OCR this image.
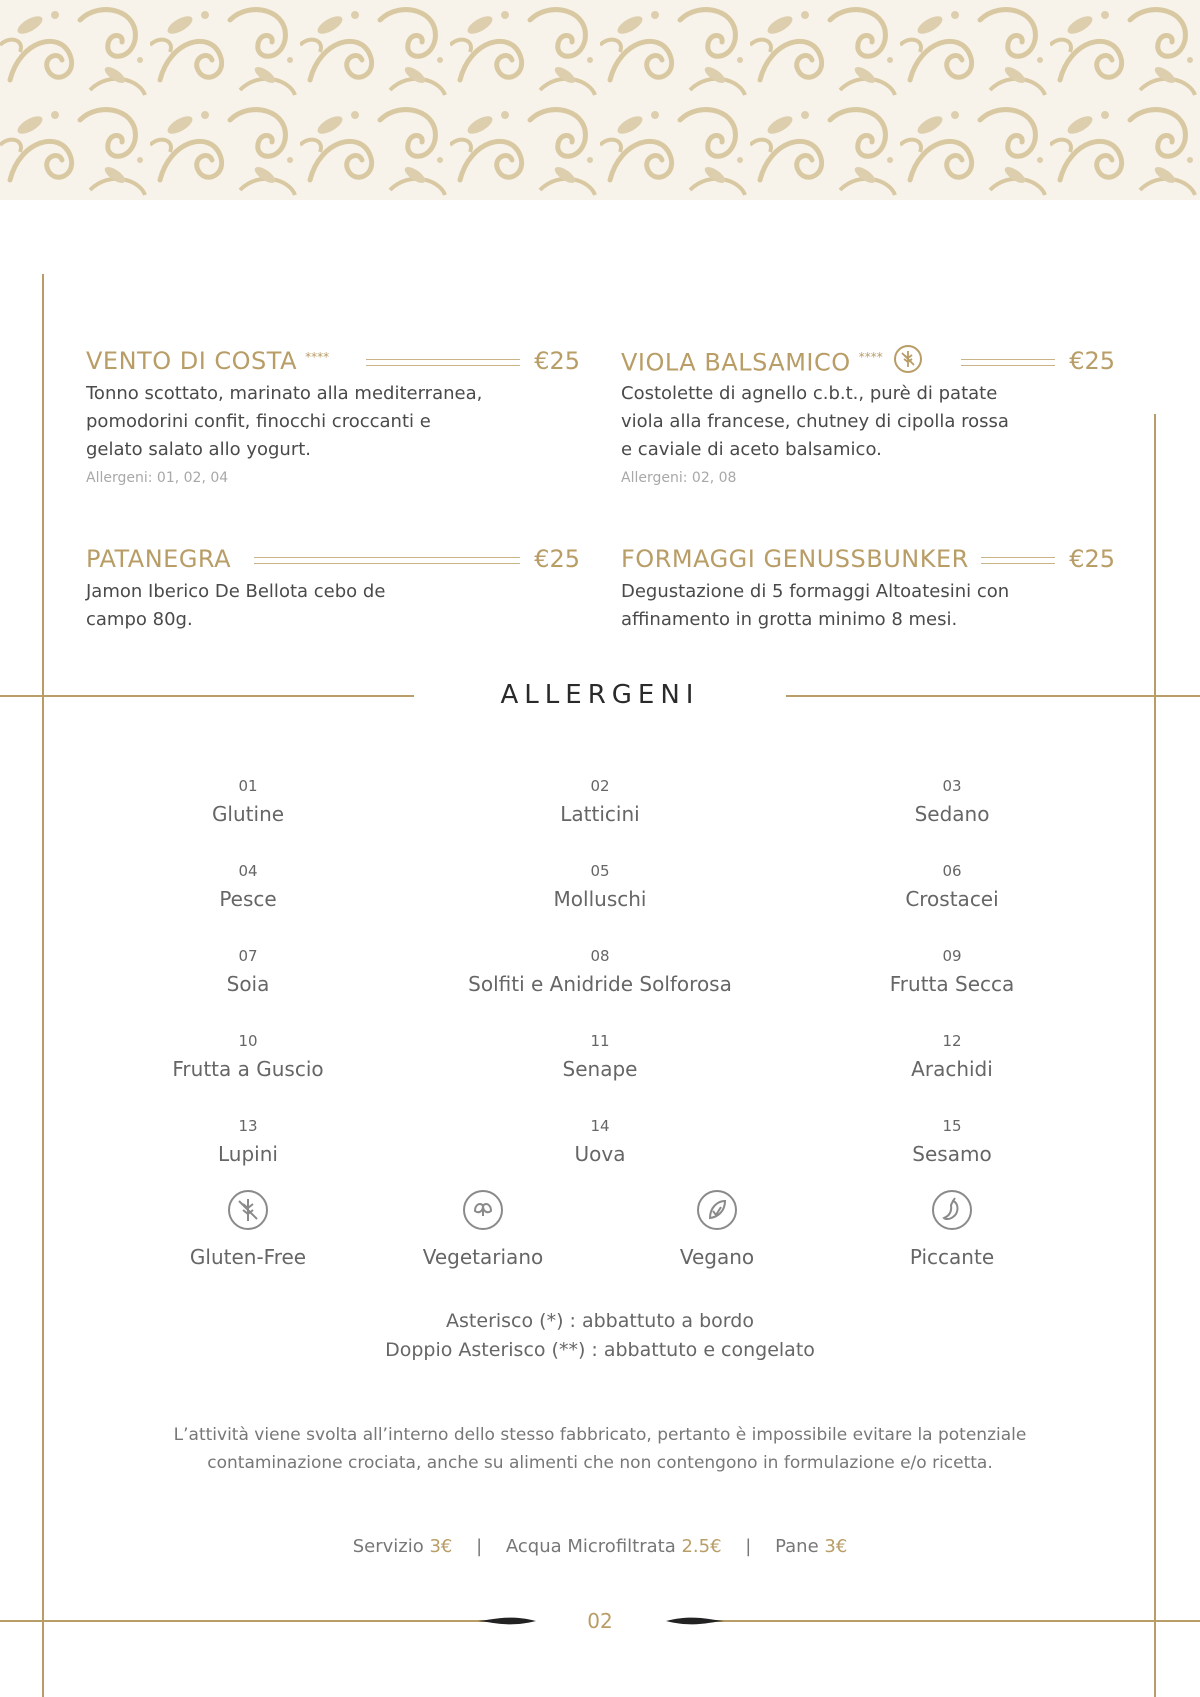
VENTO DI COSTA ****	€25
Tonno scottato, marinato alla mediterranea, pomodorini confit, finocchi croccanti e gelato salato allo yogurt.
Allergeni: 01, 02, 04
VIOLA BALSAMICO ****	€25
Costolette di agnello c.b.t., purè di patate viola alla francese, chutney di cipolla rossa e caviale di aceto balsamico.
Allergeni: 02, 08
PATANEGRA	€25
Jamon Iberico De Bellota cebo de campo 80g.
FORMAGGI GENUSSBUNKER	€25
Degustazione di 5 formaggi Altoatesini con affinamento in grotta minimo 8 mesi.
ALLERGENI
01
Glutine
02
Latticini
03
Sedano
04
Pesce
05
Molluschi
06
Crostacei
07
Soia
08
Solfiti e Anidride Solforosa
09
Frutta Secca
10
Frutta a Guscio
11
Senape
12
Arachidi
13
Lupini
14
Uova
15
Sesamo
Gluten-Free	Vegetariano	Vegano	Piccante
Asterisco (*) : abbattuto a bordo
Doppio Asterisco (**) : abbattuto e congelato
L’attività viene svolta all’interno dello stesso fabbricato, pertanto è impossibile evitare la potenziale contaminazione crociata, anche su alimenti che non contengono in formulazione e/o ricetta.
Servizio 3€ | Acqua Microfiltrata 2.5€ | Pane 3€
02
